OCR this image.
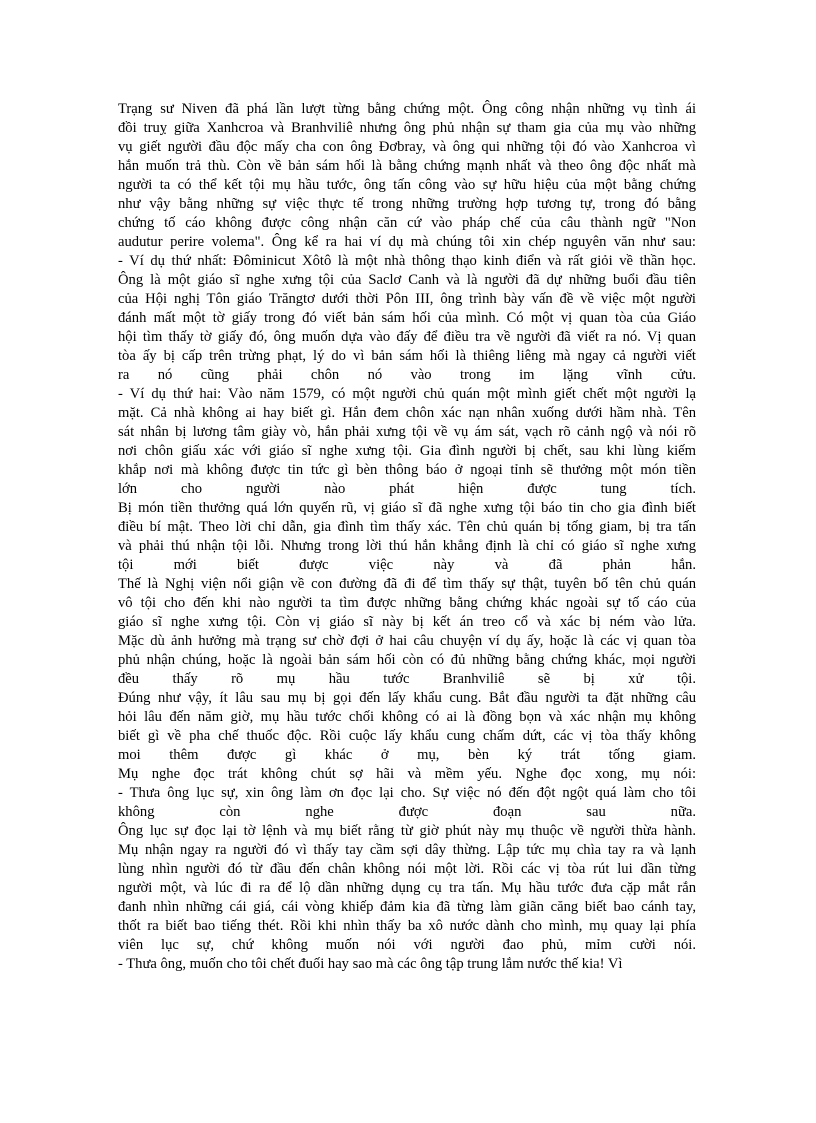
Trạng sư Niven đã phá lần lượt từng bằng chứng một. Ông công nhận những vụ tình ái
đồi truỵ giữa Xanhcroa và Branhviliê nhưng ông phủ nhận sự tham gia của mụ vào những
vụ giết người đầu độc mấy cha con ông Đơbray, và ông qui những tội đó vào Xanhcroa vì
hắn muốn trả thù. Còn về bản sám hối là bằng chứng mạnh nhất và theo ông độc nhất mà
người ta có thể kết tội mụ hầu tước, ông tấn công vào sự hữu hiệu của một bằng chứng
như vậy bằng những sự việc thực tế trong những trường hợp tương tự, trong đó bằng
chứng tố cáo không được công nhận căn cứ vào pháp chế của câu thành ngữ "Non
audutur perire volema". Ông kể ra hai ví dụ mà chúng tôi xin chép nguyên văn như sau:
- Ví dụ thứ nhất: Đôminicut Xôtô là một nhà thông thạo kinh điển và rất giỏi về thần học.
Ông là một giáo sĩ nghe xưng tội của Saclơ Canh và là người đã dự những buổi đầu tiên
của Hội nghị Tôn giáo Trăngtơ dưới thời Pôn III, ông trình bày vấn đề về việc một người
đánh mất một tờ giấy trong đó viết bản sám hối của mình. Có một vị quan tòa của Giáo
hội tìm thấy tờ giấy đó, ông muốn dựa vào đấy để điều tra về người đã viết ra nó. Vị quan
tòa ấy bị cấp trên trừng phạt, lý do vì bản sám hối là thiêng liêng mà ngay cả người viết
ra nó cũng phải chôn nó vào trong im lặng vĩnh cửu.
- Ví dụ thứ hai: Vào năm 1579, có một người chủ quán một mình giết chết một người lạ
mặt. Cả nhà không ai hay biết gì. Hắn đem chôn xác nạn nhân xuống dưới hầm nhà. Tên
sát nhân bị lương tâm giày vò, hắn phải xưng tội về vụ ám sát, vạch rõ cảnh ngộ và nói rõ
nơi chôn giấu xác với giáo sĩ nghe xưng tội. Gia đình người bị chết, sau khi lùng kiếm
khắp nơi mà không được tin tức gì bèn thông báo ở ngoại tỉnh sẽ thưởng một món tiền
lớn cho người nào phát hiện được tung tích.
Bị món tiền thưởng quá lớn quyến rũ, vị giáo sĩ đã nghe xưng tội báo tin cho gia đình biết
điều bí mật. Theo lời chỉ dẫn, gia đình tìm thấy xác. Tên chủ quán bị tống giam, bị tra tấn
và phải thú nhận tội lỗi. Nhưng trong lời thú hắn khẳng định là chỉ có giáo sĩ nghe xưng
tội mới biết được việc này và đã phản hắn.
Thế là Nghị viện nổi giận về con đường đã đi để tìm thấy sự thật, tuyên bố tên chủ quán
vô tội cho đến khi nào người ta tìm được những bằng chứng khác ngoài sự tố cáo của
giáo sĩ nghe xưng tội. Còn vị giáo sĩ này bị kết án treo cổ và xác bị ném vào lửa.
Mặc dù ảnh hưởng mà trạng sư chờ đợi ở hai câu chuyện ví dụ ấy, hoặc là các vị quan tòa
phủ nhận chúng, hoặc là ngoài bản sám hối còn có đủ những bằng chứng khác, mọi người
đều thấy rõ mụ hầu tước Branhviliê sẽ bị xử tội.
Đúng như vậy, ít lâu sau mụ bị gọi đến lấy khẩu cung. Bắt đầu người ta đặt những câu
hỏi lâu đến năm giờ, mụ hầu tước chối không có ai là đồng bọn và xác nhận mụ không
biết gì về pha chế thuốc độc. Rồi cuộc lấy khẩu cung chấm dứt, các vị tòa thấy không
moi thêm được gì khác ở mụ, bèn ký trát tống giam.
Mụ nghe đọc trát không chút sợ hãi và mềm yếu. Nghe đọc xong, mụ nói:
- Thưa ông lục sự, xin ông làm ơn đọc lại cho. Sự việc nó đến đột ngột quá làm cho tôi
không còn nghe được đoạn sau nữa.
Ông lục sự đọc lại tờ lệnh và mụ biết rằng từ giờ phút này mụ thuộc về người thừa hành.
Mụ nhận ngay ra người đó vì thấy tay cầm sợi dây thừng. Lập tức mụ chìa tay ra và lạnh
lùng nhìn người đó từ đầu đến chân không nói một lời. Rồi các vị tòa rút lui dần từng
người một, và lúc đi ra để lộ dần những dụng cụ tra tấn. Mụ hầu tước đưa cặp mắt rắn
đanh nhìn những cái giá, cái vòng khiếp đảm kia đã từng làm giãn căng biết bao cánh tay,
thốt ra biết bao tiếng thét. Rồi khi nhìn thấy ba xô nước dành cho mình, mụ quay lại phía
viên lục sự, chứ không muốn nói với người đao phủ, mỉm cười nói.
- Thưa ông, muốn cho tôi chết đuối hay sao mà các ông tập trung lắm nước thế kia! Vì
